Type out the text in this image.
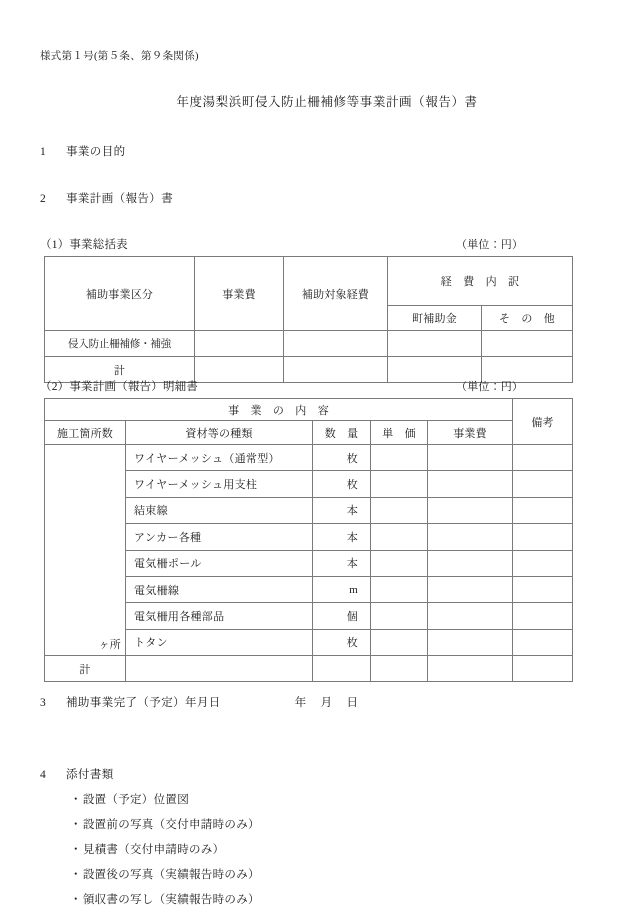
様式第１号(第５条、第９条関係)
年度湯梨浜町侵入防止柵補修等事業計画（報告）書
1 事業の目的
2 事業計画（報告）書
（1）事業総括表	（単位：円）
補助事業区分	事業費	補助対象経費	経　費　内　訳	
			町補助金	そ　の　他
侵入防止柵補修・補強				
計				
（2）事業計画（報告）明細書	（単位：円）
事　業　の　内　容					備考
施工箇所数	資材等の種類	数　量	単　価	事業費	
ヶ所	ワイヤーメッシュ（通常型）	枚			
	ワイヤーメッシュ用支柱	枚			
	結束線	本			
	アンカー各種	本			
	電気柵ポール	本			
	電気柵線	m			
	電気柵用各種部品	個			
	トタン	枚			
計					
3 補助事業完了（予定）年月日	年 月 日
4 添付書類
・設置（予定）位置図
・設置前の写真（交付申請時のみ）
・見積書（交付申請時のみ）
・設置後の写真（実績報告時のみ）
・領収書の写し（実績報告時のみ）
